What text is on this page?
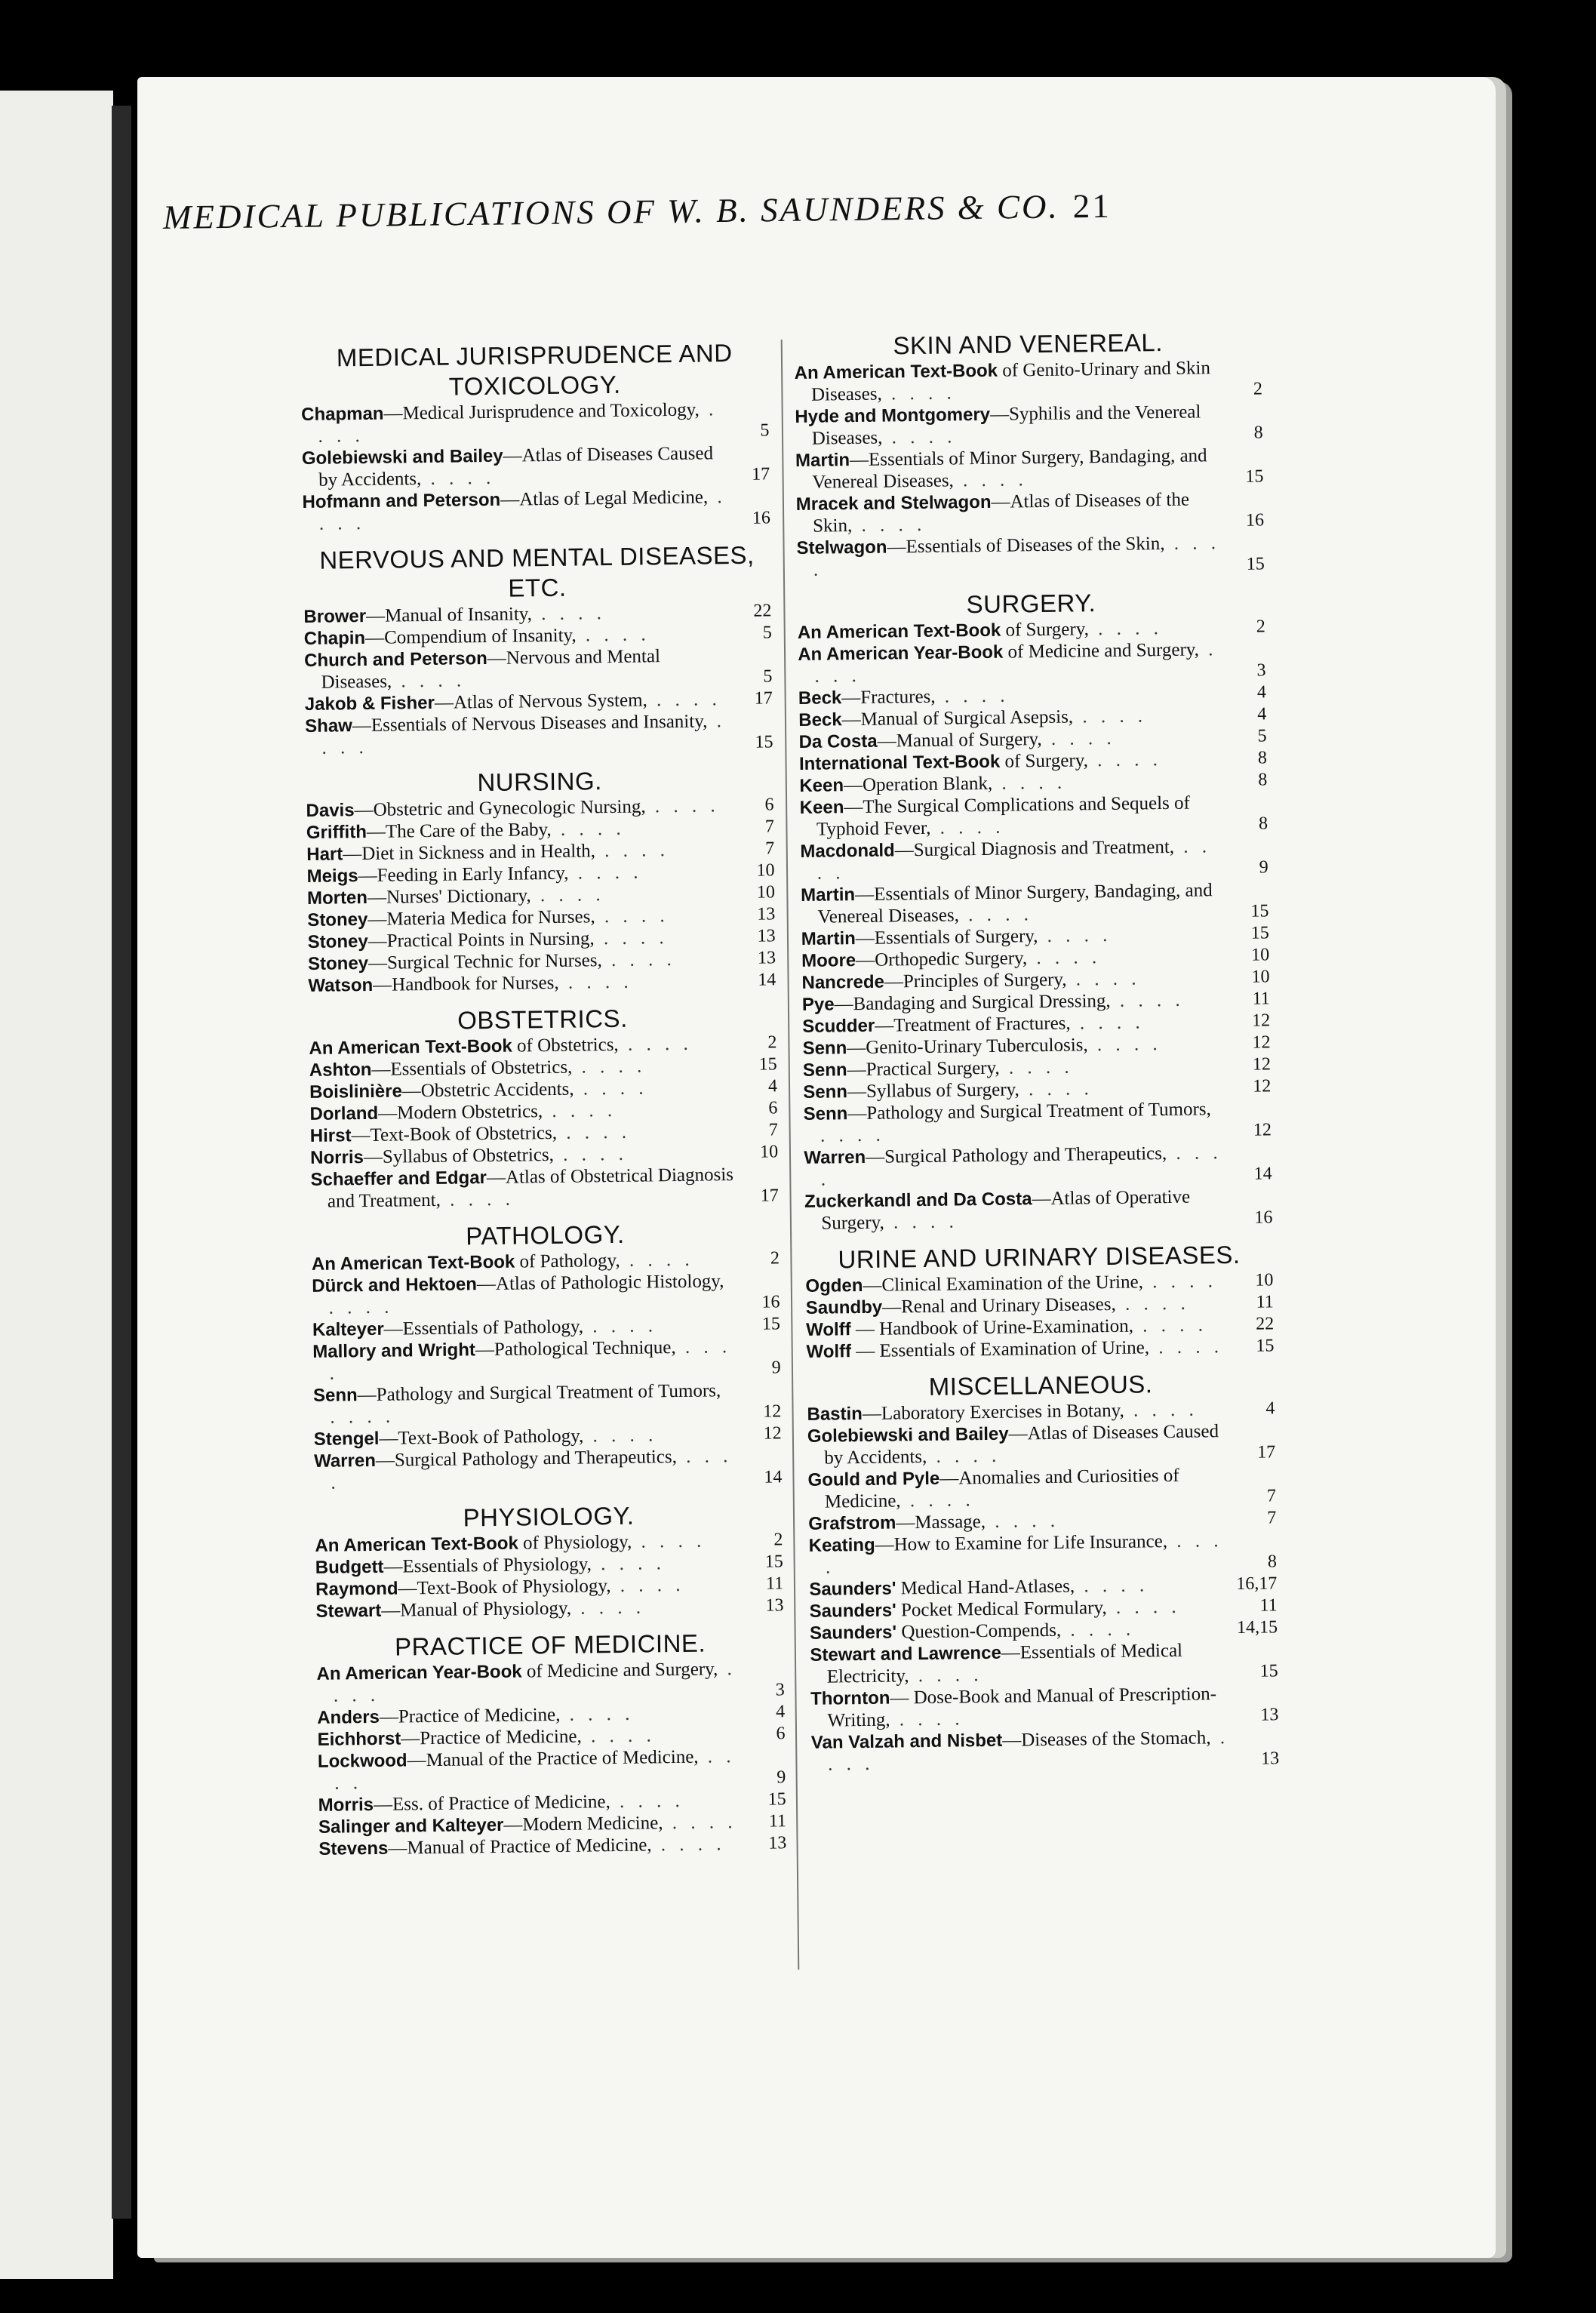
MEDICAL PUBLICATIONS OF W. B. SAUNDERS & CO. 21
MEDICAL JURISPRUDENCE AND TOXICOLOGY.
Chapman—Medical Jurisprudence and Toxicology, . . . .	5
Golebiewski and Bailey—Atlas of Diseases Caused by Accidents, . . . .	17
Hofmann and Peterson—Atlas of Legal Medicine, . . . .	16
NERVOUS AND MENTAL DISEASES, ETC.
Brower—Manual of Insanity, . . . .	22
Chapin—Compendium of Insanity, . . . .	5
Church and Peterson—Nervous and Mental Diseases, . . . .	5
Jakob & Fisher—Atlas of Nervous System, . . . .	17
Shaw—Essentials of Nervous Diseases and Insanity, . . . .	15
NURSING.
Davis—Obstetric and Gynecologic Nursing, . . . .	6
Griffith—The Care of the Baby, . . . .	7
Hart—Diet in Sickness and in Health, . . . .	7
Meigs—Feeding in Early Infancy, . . . .	10
Morten—Nurses' Dictionary, . . . .	10
Stoney—Materia Medica for Nurses, . . . .	13
Stoney—Practical Points in Nursing, . . . .	13
Stoney—Surgical Technic for Nurses, . . . .	13
Watson—Handbook for Nurses, . . . .	14
OBSTETRICS.
An American Text-Book of Obstetrics, . . . .	2
Ashton—Essentials of Obstetrics, . . . .	15
Boislinière—Obstetric Accidents, . . . .	4
Dorland—Modern Obstetrics, . . . .	6
Hirst—Text-Book of Obstetrics, . . . .	7
Norris—Syllabus of Obstetrics, . . . .	10
Schaeffer and Edgar—Atlas of Obstetrical Diagnosis and Treatment, . . . .	17
PATHOLOGY.
An American Text-Book of Pathology, . . . .	2
Dürck and Hektoen—Atlas of Pathologic Histology, . . . .	16
Kalteyer—Essentials of Pathology, . . . .	15
Mallory and Wright—Pathological Technique, . . . .	9
Senn—Pathology and Surgical Treatment of Tumors, . . . .	12
Stengel—Text-Book of Pathology, . . . .	12
Warren—Surgical Pathology and Therapeutics, . . . .	14
PHYSIOLOGY.
An American Text-Book of Physiology, . . . .	2
Budgett—Essentials of Physiology, . . . .	15
Raymond—Text-Book of Physiology, . . . .	11
Stewart—Manual of Physiology, . . . .	13
PRACTICE OF MEDICINE.
An American Year-Book of Medicine and Surgery, . . . .	3
Anders—Practice of Medicine, . . . .	4
Eichhorst—Practice of Medicine, . . . .	6
Lockwood—Manual of the Practice of Medicine, . . . .	9
Morris—Ess. of Practice of Medicine, . . . .	15
Salinger and Kalteyer—Modern Medicine, . . . .	11
Stevens—Manual of Practice of Medicine, . . . .	13
SKIN AND VENEREAL.
An American Text-Book of Genito-Urinary and Skin Diseases, . . . .	2
Hyde and Montgomery—Syphilis and the Venereal Diseases, . . . .	8
Martin—Essentials of Minor Surgery, Bandaging, and Venereal Diseases, . . . .	15
Mracek and Stelwagon—Atlas of Diseases of the Skin, . . . .	16
Stelwagon—Essentials of Diseases of the Skin, . . . .	15
SURGERY.
An American Text-Book of Surgery, . . . .	2
An American Year-Book of Medicine and Surgery, . . . .	3
Beck—Fractures, . . . .	4
Beck—Manual of Surgical Asepsis, . . . .	4
Da Costa—Manual of Surgery, . . . .	5
International Text-Book of Surgery, . . . .	8
Keen—Operation Blank, . . . .	8
Keen—The Surgical Complications and Sequels of Typhoid Fever, . . . .	8
Macdonald—Surgical Diagnosis and Treatment, . . . .	9
Martin—Essentials of Minor Surgery, Bandaging, and Venereal Diseases, . . . .	15
Martin—Essentials of Surgery, . . . .	15
Moore—Orthopedic Surgery, . . . .	10
Nancrede—Principles of Surgery, . . . .	10
Pye—Bandaging and Surgical Dressing, . . . .	11
Scudder—Treatment of Fractures, . . . .	12
Senn—Genito-Urinary Tuberculosis, . . . .	12
Senn—Practical Surgery, . . . .	12
Senn—Syllabus of Surgery, . . . .	12
Senn—Pathology and Surgical Treatment of Tumors, . . . .	12
Warren—Surgical Pathology and Therapeutics, . . . .	14
Zuckerkandl and Da Costa—Atlas of Operative Surgery, . . . .	16
URINE AND URINARY DISEASES.
Ogden—Clinical Examination of the Urine, . . . .	10
Saundby—Renal and Urinary Diseases, . . . .	11
Wolff — Handbook of Urine-Examination, . . . .	22
Wolff — Essentials of Examination of Urine, . . . .	15
MISCELLANEOUS.
Bastin—Laboratory Exercises in Botany, . . . .	4
Golebiewski and Bailey—Atlas of Diseases Caused by Accidents, . . . .	17
Gould and Pyle—Anomalies and Curiosities of Medicine, . . . .	7
Grafstrom—Massage, . . . .	7
Keating—How to Examine for Life Insurance, . . . .	8
Saunders' Medical Hand-Atlases, . . . .	16,17
Saunders' Pocket Medical Formulary, . . . .	11
Saunders' Question-Compends, . . . .	14,15
Stewart and Lawrence—Essentials of Medical Electricity, . . . .	15
Thornton— Dose-Book and Manual of Prescription-Writing, . . . .	13
Van Valzah and Nisbet—Diseases of the Stomach, . . . .	13
